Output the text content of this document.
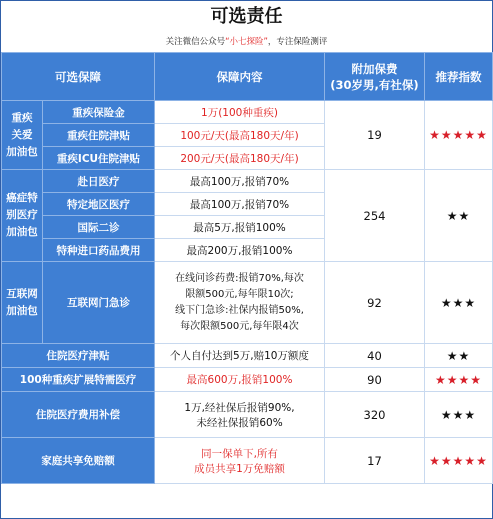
可选责任
关注微信公众号“小七探险”，专注保险测评
可选保障		保障内容	附加保费
(30岁男,有社保)	推荐指数

重疾
关爱
加油包	重疾保险金	1万(100种重疾)	19	★★★★★
	重疾住院津贴	100元/天(最高180天/年)		
	重疾ICU住院津贴	200元/天(最高180天/年)		

癌症特
别医疗
加油包	赴日医疗	最高100万,报销70%	254	★★
	特定地区医疗	最高100万,报销70%		
	国际二诊	最高5万,报销100%		
	特种进口药品费用	最高200万,报销100%		

互联网
加油包	互联网门急诊	在线问诊药费:报销70%,每次
限额500元,每年限10次;
线下门急诊:社保内报销50%,
每次限额500元,每年限4次	92	★★★
住院医疗津贴		个人自付达到5万,赔10万额度	40	★★
100种重疾扩展特需医疗		最高600万,报销100%	90	★★★★
住院医疗费用补偿		1万,经社保后报销90%,
未经社保报销60%	320	★★★
家庭共享免赔额		同一保单下,所有
成员共享1万免赔额	17	★★★★★
